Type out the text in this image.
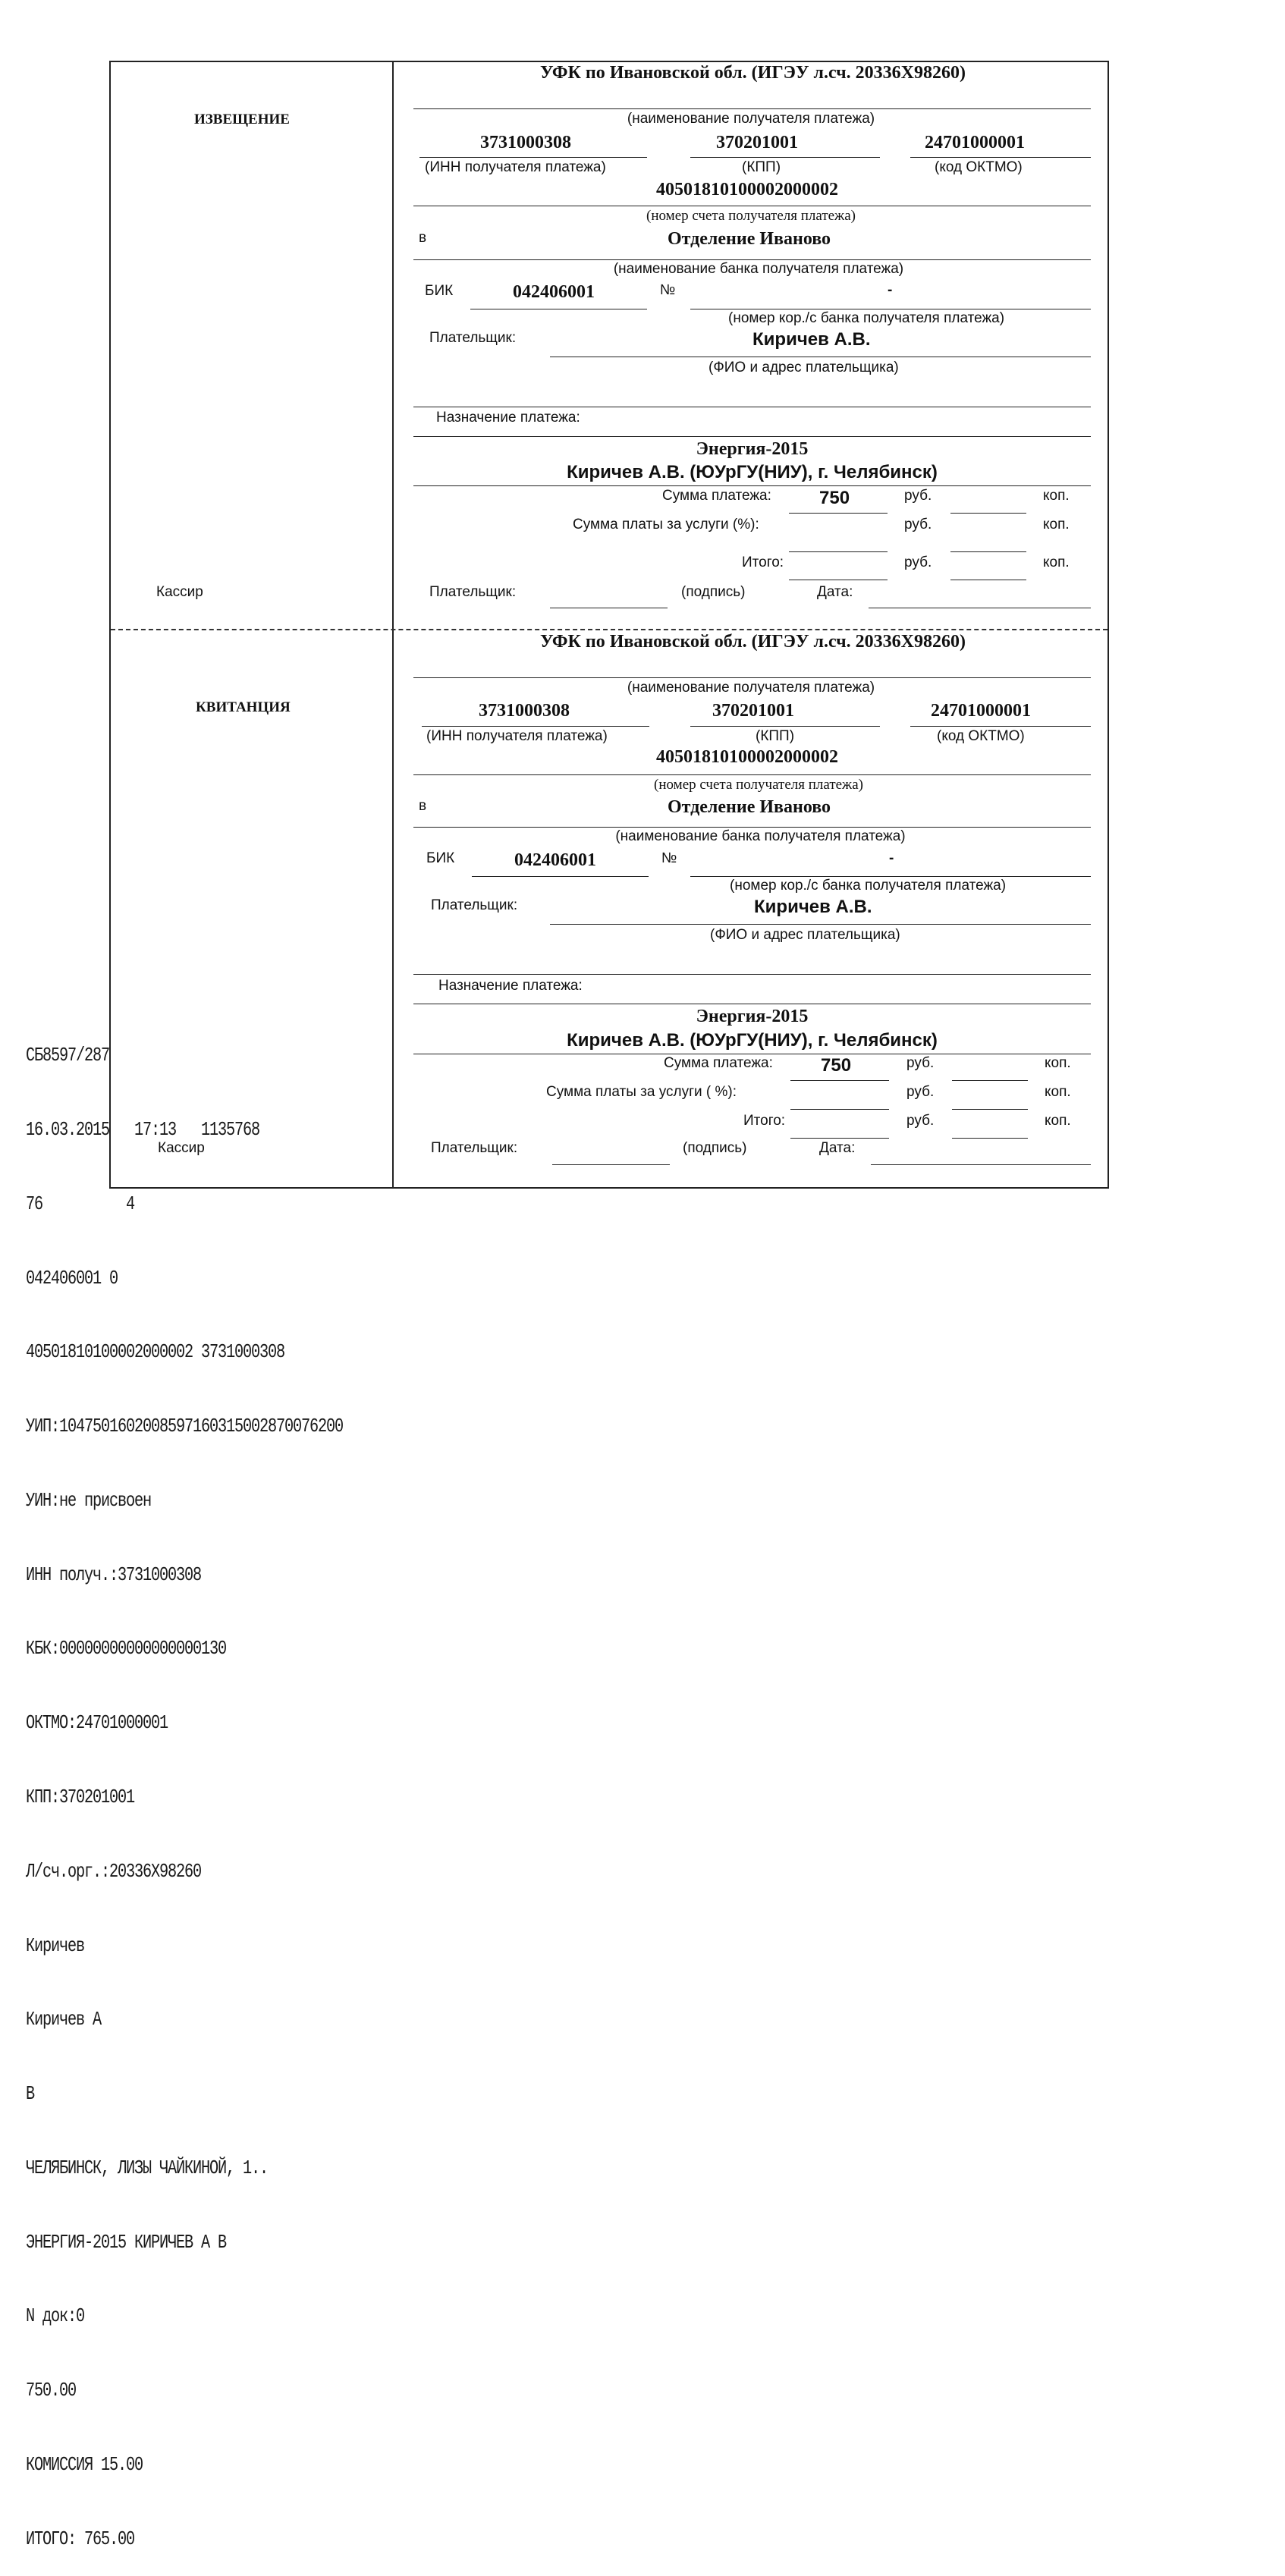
ИЗВЕЩЕНИЕ
Кассир
УФК по Ивановской обл. (ИГЭУ л.сч. 20336Х98260)
(наименование получателя платежа)
3731000308	370201001	24701000001
(ИНН получателя платежа)	(КПП)	(код ОКТМО)
40501810100002000002
(номер счета получателя платежа)
в	Отделение Иваново
(наименование банка получателя платежа)
БИК	042406001	№	-
(номер кор./с банка получателя платежа)
Плательщик:	Киричев А.В.
(ФИО и адрес плательщика)
Назначение платежа:
Энергия-2015
Киричев А.В. (ЮУрГУ(НИУ), г. Челябинск)
Сумма платежа:	750	руб.	коп.
Сумма платы за услуги (%):	руб.	коп.
Итого:	руб.	коп.
Плательщик:	(подпись)	Дата:
КВИТАНЦИЯ
Кассир
УФК по Ивановской обл. (ИГЭУ л.сч. 20336Х98260)
(наименование получателя платежа)
3731000308	370201001	24701000001
(ИНН получателя платежа)	(КПП)	(код ОКТМО)
40501810100002000002
(номер счета получателя платежа)
в	Отделение Иваново
(наименование банка получателя платежа)
БИК	042406001	№	-
(номер кор./с банка получателя платежа)
Плательщик:	Киричев А.В.
(ФИО и адрес плательщика)
Назначение платежа:
Энергия-2015
Киричев А.В. (ЮУрГУ(НИУ), г. Челябинск)
Сумма платежа:	750	руб.	коп.
Сумма платы за услуги ( %):	руб.	коп.
Итого:	руб.	коп.
Плательщик:	(подпись)	Дата:

СБ8597/287

16.03.2015   17:13   1135768

76          4

042406001 0

40501810100002000002 3731000308

УИП:1047501602008597160315002870076200

УИН:не присвоен

ИНН получ.:3731000308

КБК:00000000000000000130

ОКТМО:24701000001

КПП:370201001

Л/сч.орг.:20336Х98260

Киричев

Киричев А

В

ЧЕЛЯБИНСК, ЛИЗЫ ЧАЙКИНОЙ, 1..

ЭНЕРГИЯ-2015 КИРИЧЕВ А В

N док:0

750.00

КОМИССИЯ 15.00

ИТОГО: 765.00
